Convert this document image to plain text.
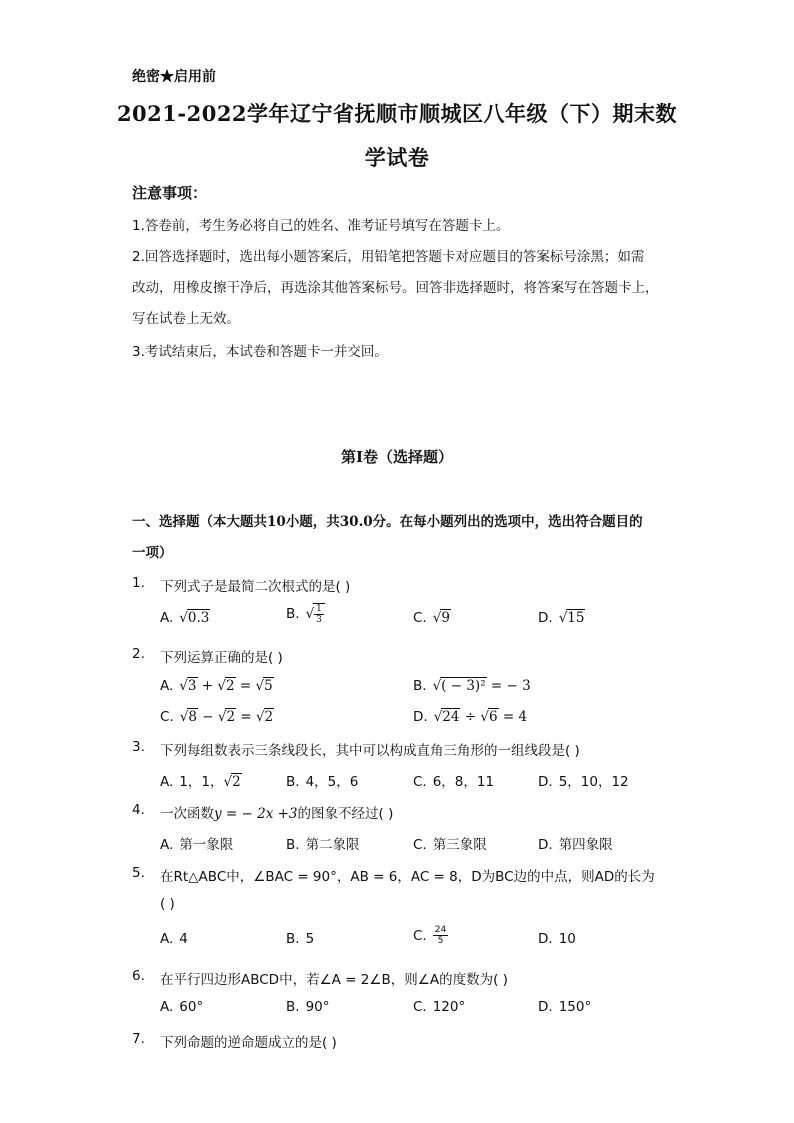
绝密★启用前
2021-2022学年辽宁省抚顺市顺城区八年级（下）期末数
学试卷
注意事项：
1.答卷前，考生务必将自己的姓名、准考证号填写在答题卡上。
2.回答选择题时，选出每小题答案后，用铅笔把答题卡对应题目的答案标号涂黑；如需
改动，用橡皮擦干净后，再选涂其他答案标号。回答非选择题时，将答案写在答题卡上，
写在试卷上无效。
3.考试结束后，本试卷和答题卡一并交回。
第Ⅰ卷（选择题）
一、选择题（本大题共10小题，共30.0分。在每小题列出的选项中，选出符合题目的
一项）
1. 下列式子是最简二次根式的是( )
A. √0.3	B. √ $\frac{1}{3}$	C. √9	D. √15
2. 下列运算正确的是( )
A. √3 + √2 = √5	B. √( − 3)² = − 3
C. √8 − √2 = √2	D. √24 ÷ √6 = 4
3. 下列每组数表示三条线段长，其中可以构成直角三角形的一组线段是( )
A. 1，1，√2	B. 4，5，6	C. 6，8，11	D. 5，10，12
4. 一次函数y = − 2x +3的图象不经过( )
A. 第一象限	B. 第二象限	C. 第三象限	D. 第四象限
5. 在Rt△ABC中，∠BAC = 90°，AB = 6，AC = 8，D为BC边的中点，则AD的长为
( )
A. 4	B. 5	C. $\frac{24}{5}$	D. 10
6. 在平行四边形ABCD中，若∠A = 2∠B，则∠A的度数为( )
A. 60°	B. 90°	C. 120°	D. 150°
7. 下列命题的逆命题成立的是( )
